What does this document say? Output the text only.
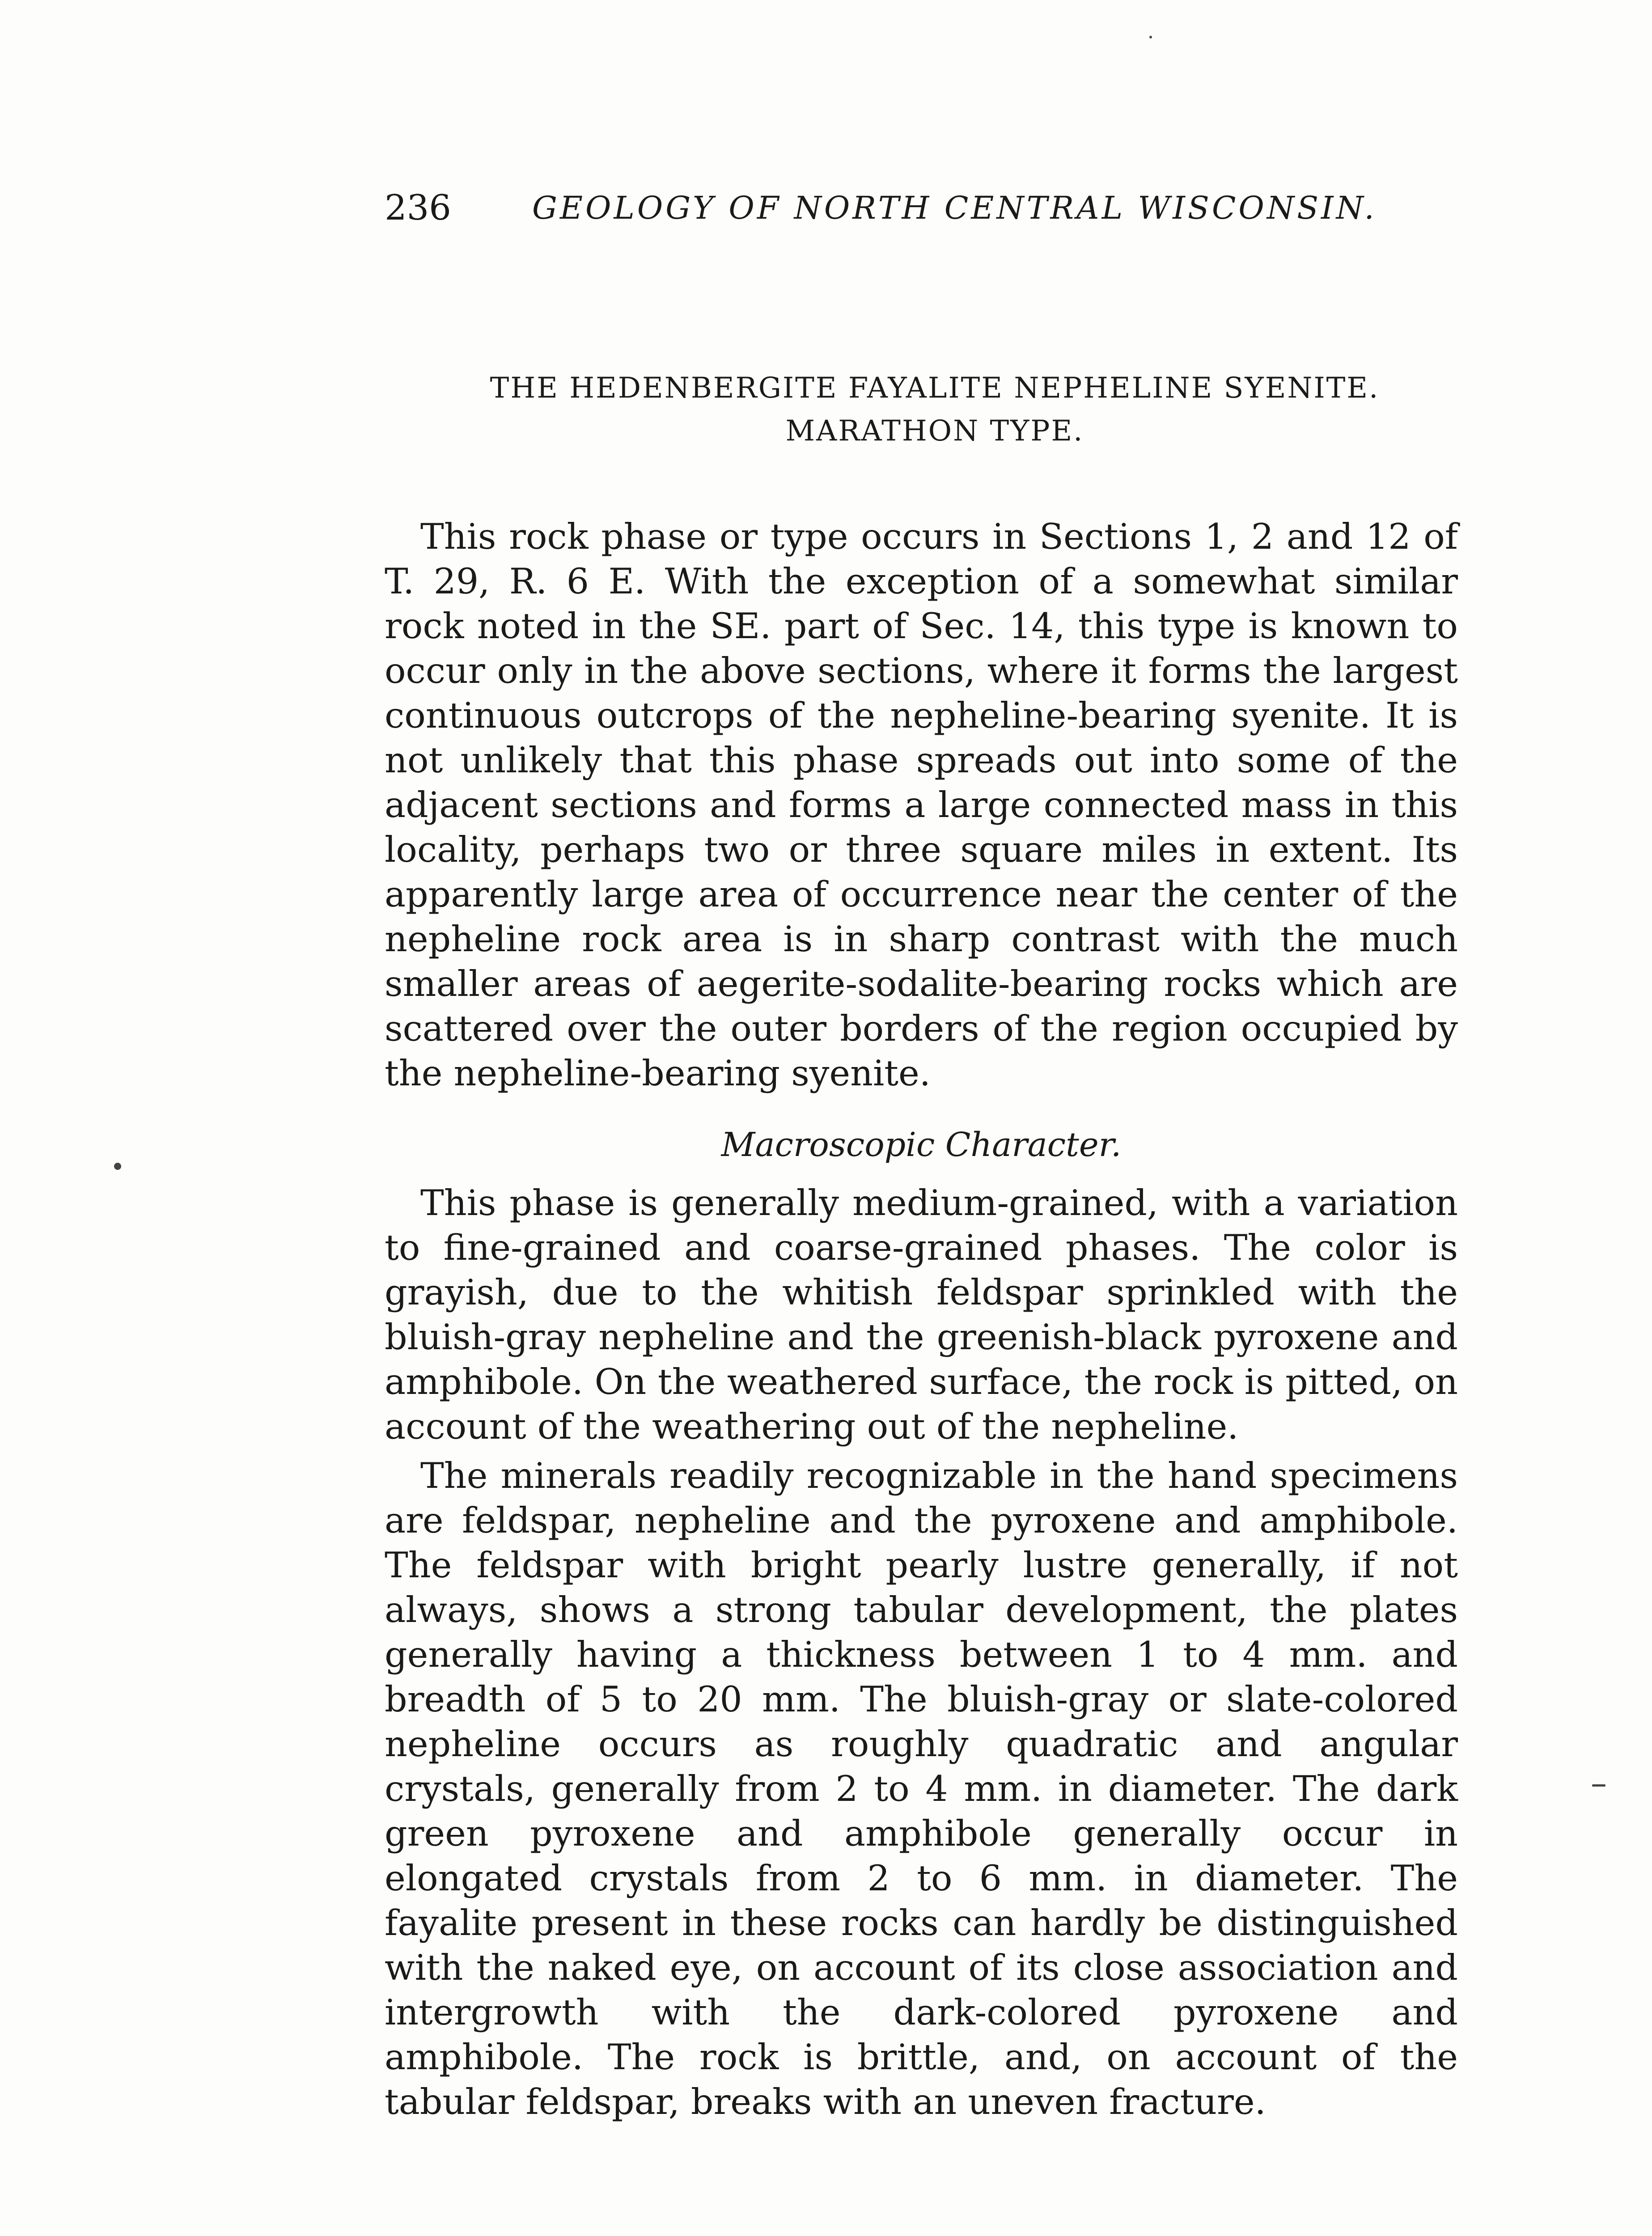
236	GEOLOGY OF NORTH CENTRAL WISCONSIN.
THE HEDENBERGITE FAYALITE NEPHELINE SYENITE. MARATHON TYPE.

This rock phase or type occurs in Sections 1, 2 and 12 of T. 29, R. 6 E. With the exception of a somewhat similar rock noted in the SE. part of Sec. 14, this type is known to occur only in the above sections, where it forms the largest continuous outcrops of the nepheline-bearing syenite. It is not unlikely that this phase spreads out into some of the adjacent sections and forms a large connected mass in this locality, perhaps two or three square miles in extent. Its apparently large area of occurrence near the center of the nepheline rock area is in sharp contrast with the much smaller areas of aegerite-sodalite-bearing rocks which are scattered over the outer borders of the region occupied by the nepheline-bearing syenite.

Macroscopic Character.

This phase is generally medium-grained, with a variation to fine-grained and coarse-grained phases. The color is grayish, due to the whitish feldspar sprinkled with the bluish-gray nepheline and the greenish-black pyroxene and amphibole. On the weathered surface, the rock is pitted, on account of the weathering out of the nepheline.

The minerals readily recognizable in the hand specimens are feldspar, nepheline and the pyroxene and amphibole. The feldspar with bright pearly lustre generally, if not always, shows a strong tabular development, the plates generally having a thickness between 1 to 4 mm. and breadth of 5 to 20 mm. The bluish-gray or slate-colored nepheline occurs as roughly quadratic and angular crystals, generally from 2 to 4 mm. in diameter. The dark green pyroxene and amphibole generally occur in elongated crystals from 2 to 6 mm. in diameter. The fayalite present in these rocks can hardly be distinguished with the naked eye, on account of its close association and intergrowth with the dark-colored pyroxene and amphibole. The rock is brittle, and, on account of the tabular feldspar, breaks with an uneven fracture.
